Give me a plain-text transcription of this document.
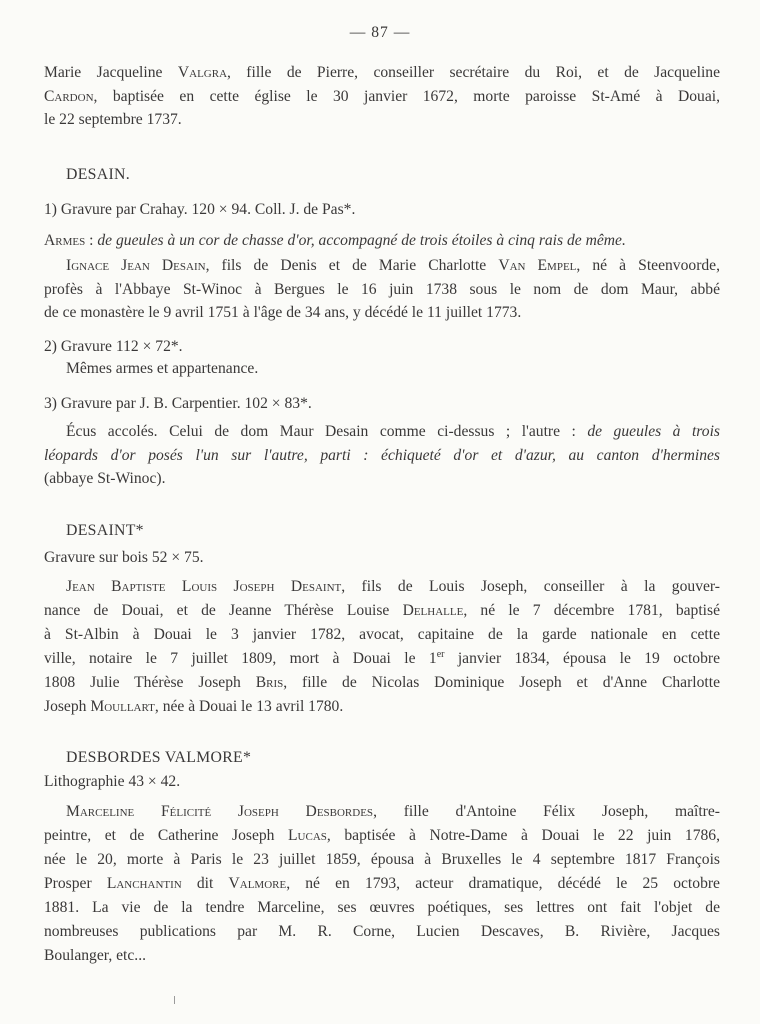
— 87 —
Marie Jacqueline Valgra, fille de Pierre, conseiller secrétaire du Roi, et de Jacqueline
Cardon, baptisée en cette église le 30 janvier 1672, morte paroisse St-Amé à Douai,
le 22 septembre 1737.
DESAIN.
1) Gravure par Crahay. 120 × 94. Coll. J. de Pas*.
Armes : de gueules à un cor de chasse d'or, accompagné de trois étoiles à cinq rais de même.
Ignace Jean Desain, fils de Denis et de Marie Charlotte Van Empel, né à Steenvoorde,
profès à l'Abbaye St-Winoc à Bergues le 16 juin 1738 sous le nom de dom Maur, abbé
de ce monastère le 9 avril 1751 à l'âge de 34 ans, y décédé le 11 juillet 1773.
2) Gravure 112 × 72*.
Mêmes armes et appartenance.
3) Gravure par J. B. Carpentier. 102 × 83*.
Écus accolés. Celui de dom Maur Desain comme ci-dessus ; l'autre : de gueules à trois
léopards d'or posés l'un sur l'autre, parti : échiqueté d'or et d'azur, au canton d'hermines
(abbaye St-Winoc).
DESAINT*
Gravure sur bois 52 × 75.
Jean Baptiste Louis Joseph Desaint, fils de Louis Joseph, conseiller à la gouver-
nance de Douai, et de Jeanne Thérèse Louise Delhalle, né le 7 décembre 1781, baptisé
à St-Albin à Douai le 3 janvier 1782, avocat, capitaine de la garde nationale en cette
ville, notaire le 7 juillet 1809, mort à Douai le 1er janvier 1834, épousa le 19 octobre
1808 Julie Thérèse Joseph Bris, fille de Nicolas Dominique Joseph et d'Anne Charlotte
Joseph Moullart, née à Douai le 13 avril 1780.
DESBORDES VALMORE*
Lithographie 43 × 42.
Marceline Félicité Joseph Desbordes, fille d'Antoine Félix Joseph, maître-
peintre, et de Catherine Joseph Lucas, baptisée à Notre-Dame à Douai le 22 juin 1786,
née le 20, morte à Paris le 23 juillet 1859, épousa à Bruxelles le 4 septembre 1817 François
Prosper Lanchantin dit Valmore, né en 1793, acteur dramatique, décédé le 25 octobre
1881. La vie de la tendre Marceline, ses œuvres poétiques, ses lettres ont fait l'objet de
nombreuses publications par M. R. Corne, Lucien Descaves, B. Rivière, Jacques
Boulanger, etc...
